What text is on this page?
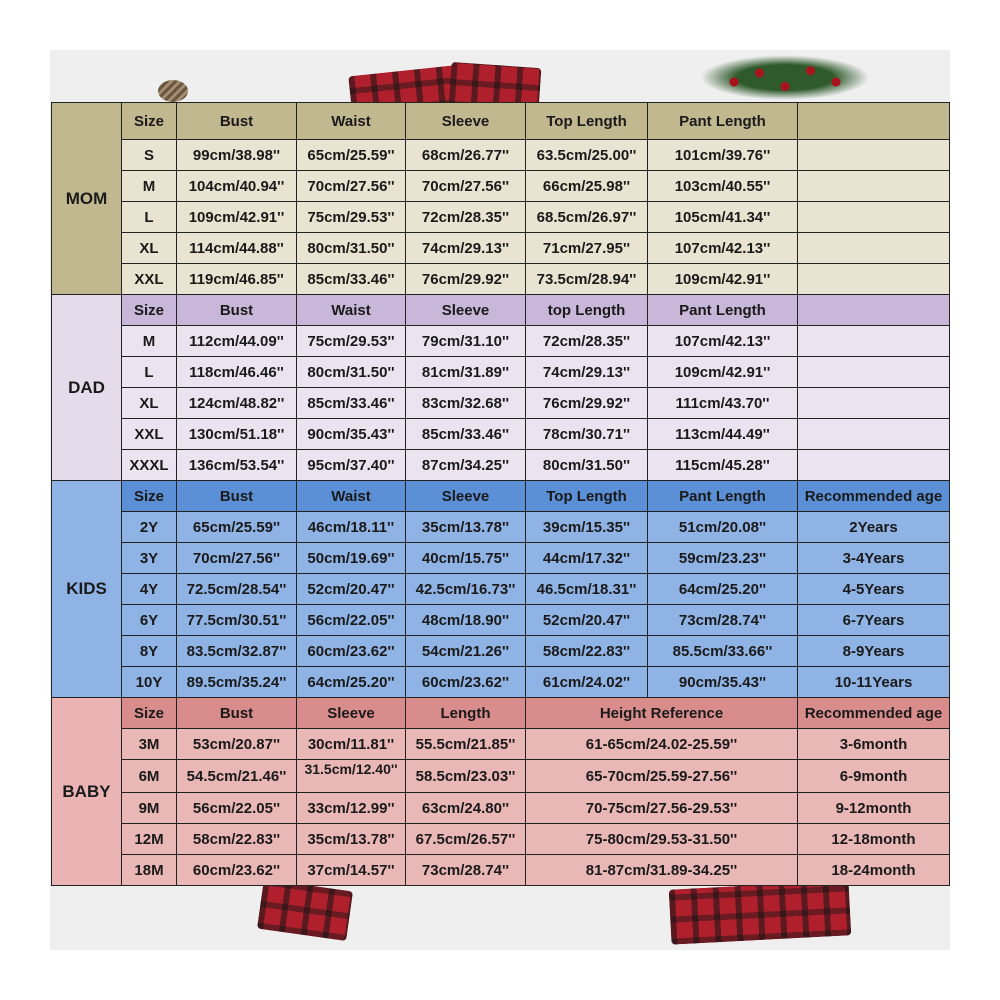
MOM	Size	Bust	Waist	Sleeve	Top Length	Pant Length	
	S	99cm/38.98''	65cm/25.59''	68cm/26.77''	63.5cm/25.00''	101cm/39.76''	
	M	104cm/40.94''	70cm/27.56''	70cm/27.56''	66cm/25.98''	103cm/40.55''	
	L	109cm/42.91''	75cm/29.53''	72cm/28.35''	68.5cm/26.97''	105cm/41.34''	
	XL	114cm/44.88''	80cm/31.50''	74cm/29.13''	71cm/27.95''	107cm/42.13''	
	XXL	119cm/46.85''	85cm/33.46''	76cm/29.92''	73.5cm/28.94''	109cm/42.91''	
DAD	Size	Bust	Waist	Sleeve	top Length	Pant Length	
	M	112cm/44.09''	75cm/29.53''	79cm/31.10''	72cm/28.35''	107cm/42.13''	
	L	118cm/46.46''	80cm/31.50''	81cm/31.89''	74cm/29.13''	109cm/42.91''	
	XL	124cm/48.82''	85cm/33.46''	83cm/32.68''	76cm/29.92''	111cm/43.70''	
	XXL	130cm/51.18''	90cm/35.43''	85cm/33.46''	78cm/30.71''	113cm/44.49''	
	XXXL	136cm/53.54''	95cm/37.40''	87cm/34.25''	80cm/31.50''	115cm/45.28''	
KIDS	Size	Bust	Waist	Sleeve	Top Length	Pant Length	Recommended age
	2Y	65cm/25.59''	46cm/18.11''	35cm/13.78''	39cm/15.35''	51cm/20.08''	2Years
	3Y	70cm/27.56''	50cm/19.69''	40cm/15.75''	44cm/17.32''	59cm/23.23''	3-4Years
	4Y	72.5cm/28.54''	52cm/20.47''	42.5cm/16.73''	46.5cm/18.31''	64cm/25.20''	4-5Years
	6Y	77.5cm/30.51''	56cm/22.05''	48cm/18.90''	52cm/20.47''	73cm/28.74''	6-7Years
	8Y	83.5cm/32.87''	60cm/23.62''	54cm/21.26''	58cm/22.83''	85.5cm/33.66''	8-9Years
	10Y	89.5cm/35.24''	64cm/25.20''	60cm/23.62''	61cm/24.02''	90cm/35.43''	10-11Years
BABY	Size	Bust	Sleeve	Length	Height Reference		Recommended age
	3M	53cm/20.87''	30cm/11.81''	55.5cm/21.85''	61-65cm/24.02-25.59''		3-6month
	6M	54.5cm/21.46''	31.5cm/12.40''	58.5cm/23.03''	65-70cm/25.59-27.56''		6-9month
	9M	56cm/22.05''	33cm/12.99''	63cm/24.80''	70-75cm/27.56-29.53''		9-12month
	12M	58cm/22.83''	35cm/13.78''	67.5cm/26.57''	75-80cm/29.53-31.50''		12-18month
	18M	60cm/23.62''	37cm/14.57''	73cm/28.74''	81-87cm/31.89-34.25''		18-24month
